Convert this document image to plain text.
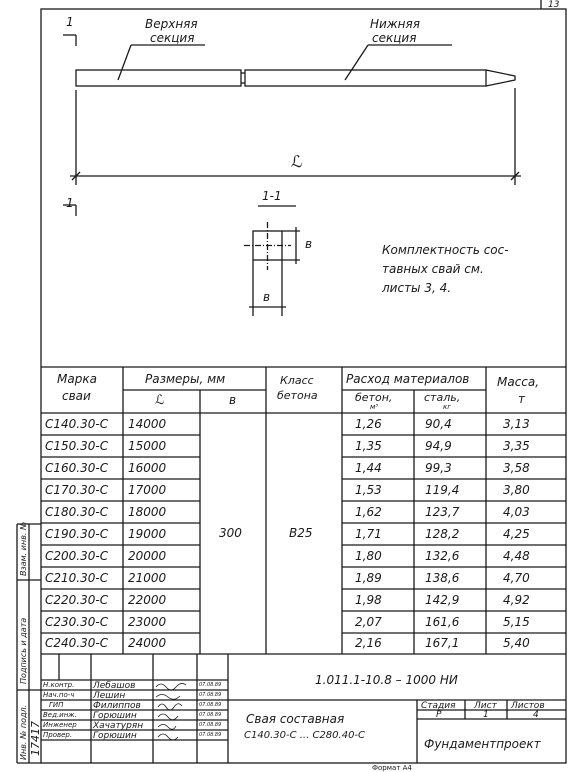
13
1
1
Верхняя
секция
Нижняя
секция
ℒ
1-1
в
в
Комплектность сос-
тавных свай см.
листы 3, 4.
Марка
сваи
Размеры, мм
ℒ	в
Класс
бетона
Расход материалов
бетон,
м³
сталь,
кг
Масса,
т
300	В25
С140.30-С 14000	1,26	90,4	3,13
С150.30-С 15000	1,35	94,9	3,35
С160.30-С 16000	1,44	99,3	3,58
С170.30-С 17000	1,53	119,4	3,80
С180.30-С 18000	1,62	123,7	4,03
С190.30-С 19000	1,71	128,2	4,25
С200.30-С 20000	1,80	132,6	4,48
С210.30-С 21000	1,89	138,6	4,70
С220.30-С 22000	1,98	142,9	4,92
С230.30-С 23000	2,07	161,6	5,15
С240.30-С 24000	2,16	167,1	5,40
1.011.1-10.8 – 1000 НИ
Н.контр. Лебашов	07.08.89
Нач.по-ч Лешин	07.08.89
ГИП	Филиппов	07.08.89
Вед.инж. Горюшин	07.08.89
Инженер Хачатурян	07.08.89
Провер. Горюшин	07.08.89
Свая составная
С140.30-С ... С280.40-С
Стадия Лист Листов
Р	1	4
Фундаментпроект
Инв. № подл. 17417
Подпись и дата
Взам. инв. №
Формат А4
